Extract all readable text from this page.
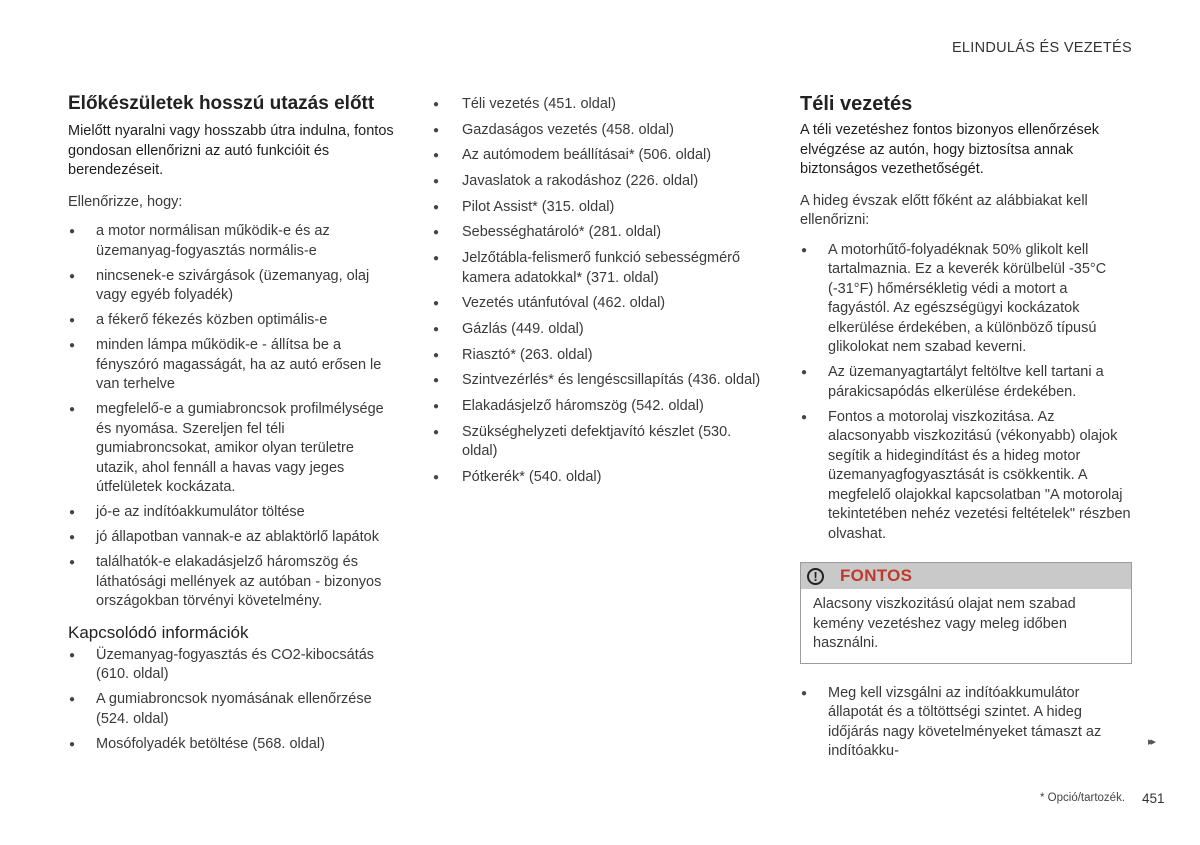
ELINDULÁS ÉS VEZETÉS
Előkészületek hosszú utazás előtt
Mielőtt nyaralni vagy hosszabb útra indulna, fontos gondosan ellenőrizni az autó funkcióit és berendezéseit.

Ellenőrizze, hogy:

● a motor normálisan működik-e és az üzemanyag-fogyasztás normális-e
● nincsenek-e szivárgások (üzemanyag, olaj vagy egyéb folyadék)
● a fékerő fékezés közben optimális-e
● minden lámpa működik-e - állítsa be a fényszóró magasságát, ha az autó erősen le van terhelve
● megfelelő-e a gumiabroncsok profilmélysége és nyomása. Szereljen fel téli gumiabroncsokat, amikor olyan területre utazik, ahol fennáll a havas vagy jeges útfelületek kockázata.
● jó-e az indítóakkumulátor töltése
● jó állapotban vannak-e az ablaktörlő lapátok
● találhatók-e elakadásjelző háromszög és láthatósági mellények az autóban - bizonyos országokban törvényi követelmény.
Kapcsolódó információk
● Üzemanyag-fogyasztás és CO2-kibocsátás (610. oldal)
● A gumiabroncsok nyomásának ellenőrzése (524. oldal)
● Mosófolyadék betöltése (568. oldal)
● Téli vezetés (451. oldal)
● Gazdaságos vezetés (458. oldal)
● Az autómodem beállításai* (506. oldal)
● Javaslatok a rakodáshoz (226. oldal)
● Pilot Assist* (315. oldal)
● Sebességhatároló* (281. oldal)
● Jelzőtábla-felismerő funkció sebességmérő kamera adatokkal* (371. oldal)
● Vezetés utánfutóval (462. oldal)
● Gázlás (449. oldal)
● Riasztó* (263. oldal)
● Szintvezérlés* és lengéscsillapítás (436. oldal)
● Elakadásjelző háromszög (542. oldal)
● Szükséghelyzeti defektjavító készlet (530. oldal)
● Pótkerék* (540. oldal)
Téli vezetés
A téli vezetéshez fontos bizonyos ellenőrzések elvégzése az autón, hogy biztosítsa annak biztonságos vezethetőségét.

A hideg évszak előtt főként az alábbiakat kell ellenőrizni:

● A motorhűtő-folyadéknak 50% glikolt kell tartalmaznia. Ez a keverék körülbelül -35°C (-31°F) hőmérsékletig védi a motort a fagyástól. Az egészségügyi kockázatok elkerülése érdekében, a különböző típusú glikolokat nem szabad keverni.
● Az üzemanyagtartályt feltöltve kell tartani a párakicsapódás elkerülése érdekében.
● Fontos a motorolaj viszkozitása. Az alacsonyabb viszkozitású (vékonyabb) olajok segítik a hidegindítást és a hideg motor üzemanyagfogyasztását is csökkentik. A megfelelő olajokkal kapcsolatban "A motorolaj tekintetében nehéz vezetési feltételek" részben olvashat.
!	FONTOS
Alacsony viszkozitású olajat nem szabad kemény vezetéshez vagy meleg időben használni.
● Meg kell vizsgálni az indítóakkumulátor állapotát és a töltöttségi szintet. A hideg időjárás nagy követelményeket támaszt az indítóakku-
▸▸
* Opció/tartozék. 451
